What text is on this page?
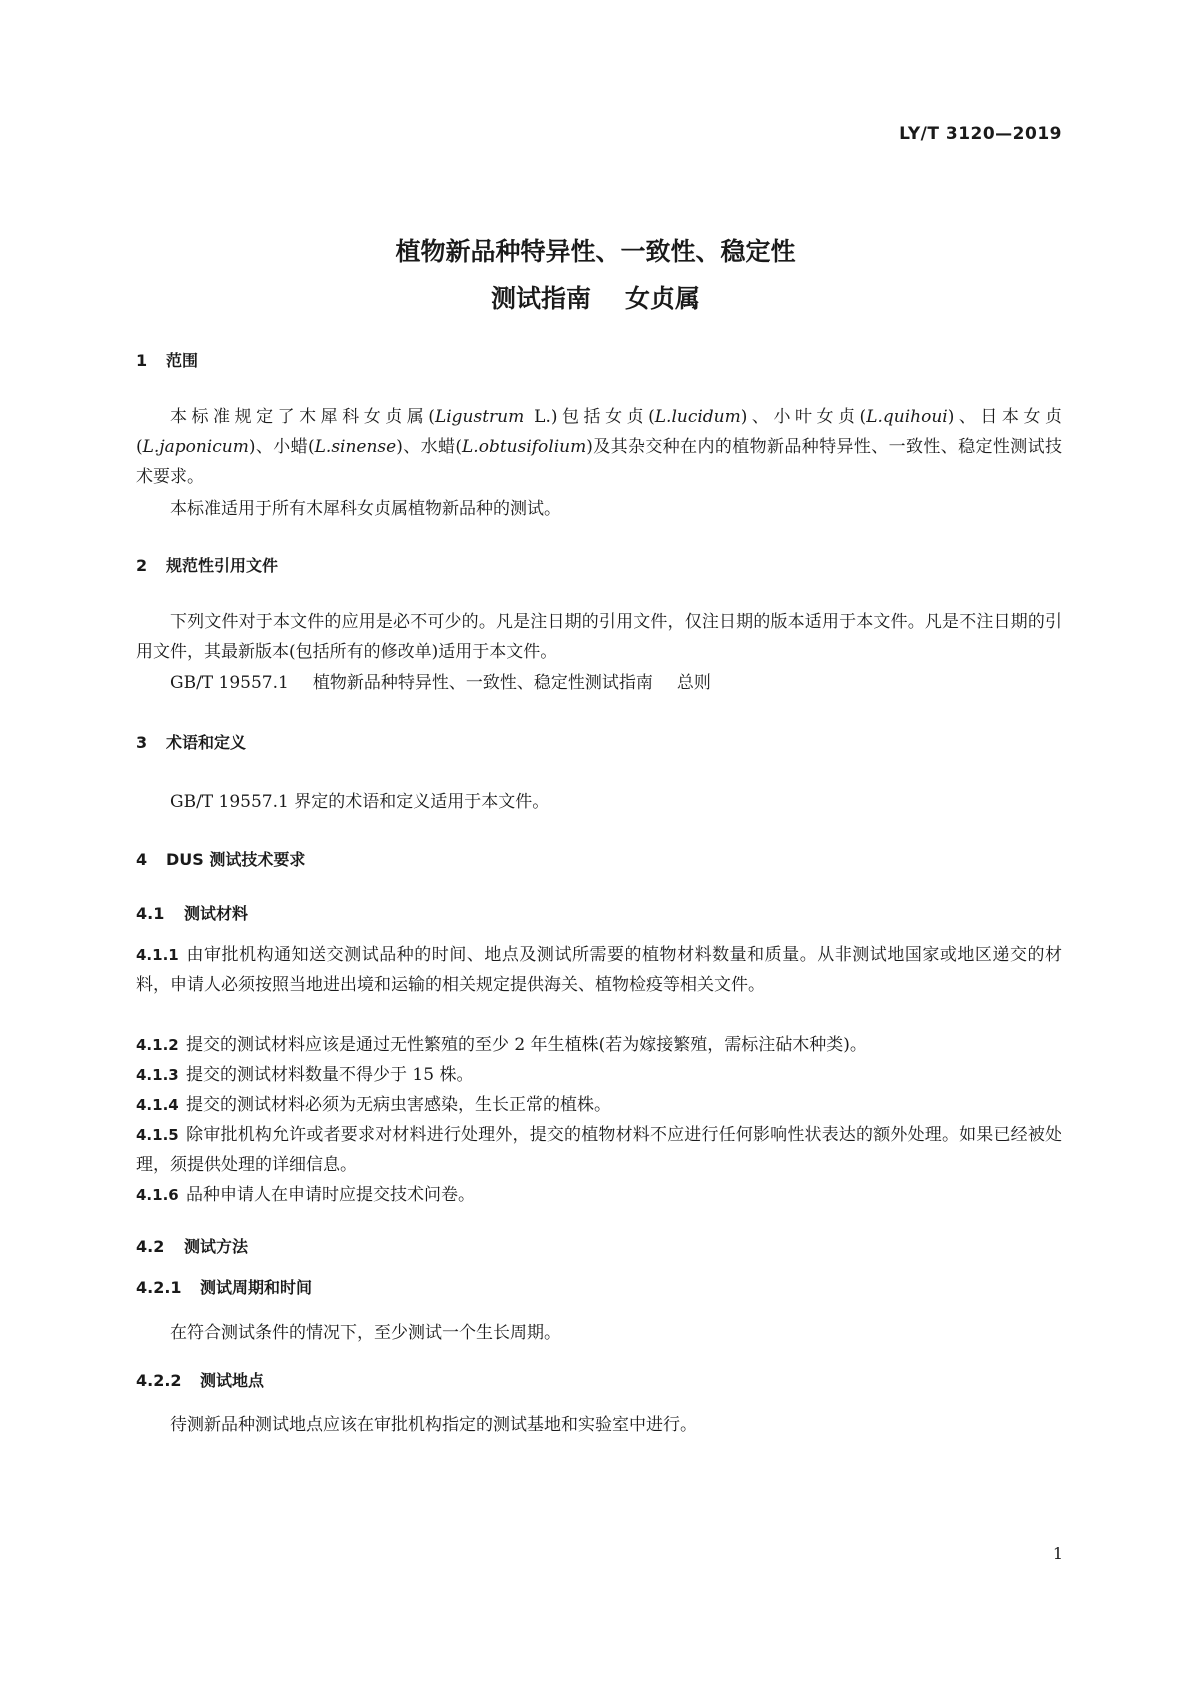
LY/T 3120—2019
植物新品种特异性、一致性、稳定性
测试指南 女贞属
1 范围
本标准规定了木犀科女贞属(Ligustrum L.)包括女贞(L.lucidum)、小叶女贞(L.quihoui)、日本女贞(L.japonicum)、小蜡(L.sinense)、水蜡(L.obtusifolium)及其杂交种在内的植物新品种特异性、一致性、稳定性测试技术要求。
本标准适用于所有木犀科女贞属植物新品种的测试。
2 规范性引用文件
下列文件对于本文件的应用是必不可少的。凡是注日期的引用文件，仅注日期的版本适用于本文件。凡是不注日期的引用文件，其最新版本(包括所有的修改单)适用于本文件。
GB/T 19557.1 植物新品种特异性、一致性、稳定性测试指南 总则
3 术语和定义
GB/T 19557.1 界定的术语和定义适用于本文件。
4 DUS 测试技术要求
4.1 测试材料
4.1.1 由审批机构通知送交测试品种的时间、地点及测试所需要的植物材料数量和质量。从非测试地国家或地区递交的材料，申请人必须按照当地进出境和运输的相关规定提供海关、植物检疫等相关文件。
4.1.2 提交的测试材料应该是通过无性繁殖的至少 2 年生植株(若为嫁接繁殖，需标注砧木种类)。
4.1.3 提交的测试材料数量不得少于 15 株。
4.1.4 提交的测试材料必须为无病虫害感染，生长正常的植株。
4.1.5 除审批机构允许或者要求对材料进行处理外，提交的植物材料不应进行任何影响性状表达的额外处理。如果已经被处理，须提供处理的详细信息。
4.1.6 品种申请人在申请时应提交技术问卷。
4.2 测试方法
4.2.1 测试周期和时间
在符合测试条件的情况下，至少测试一个生长周期。
4.2.2 测试地点
待测新品种测试地点应该在审批机构指定的测试基地和实验室中进行。
1
